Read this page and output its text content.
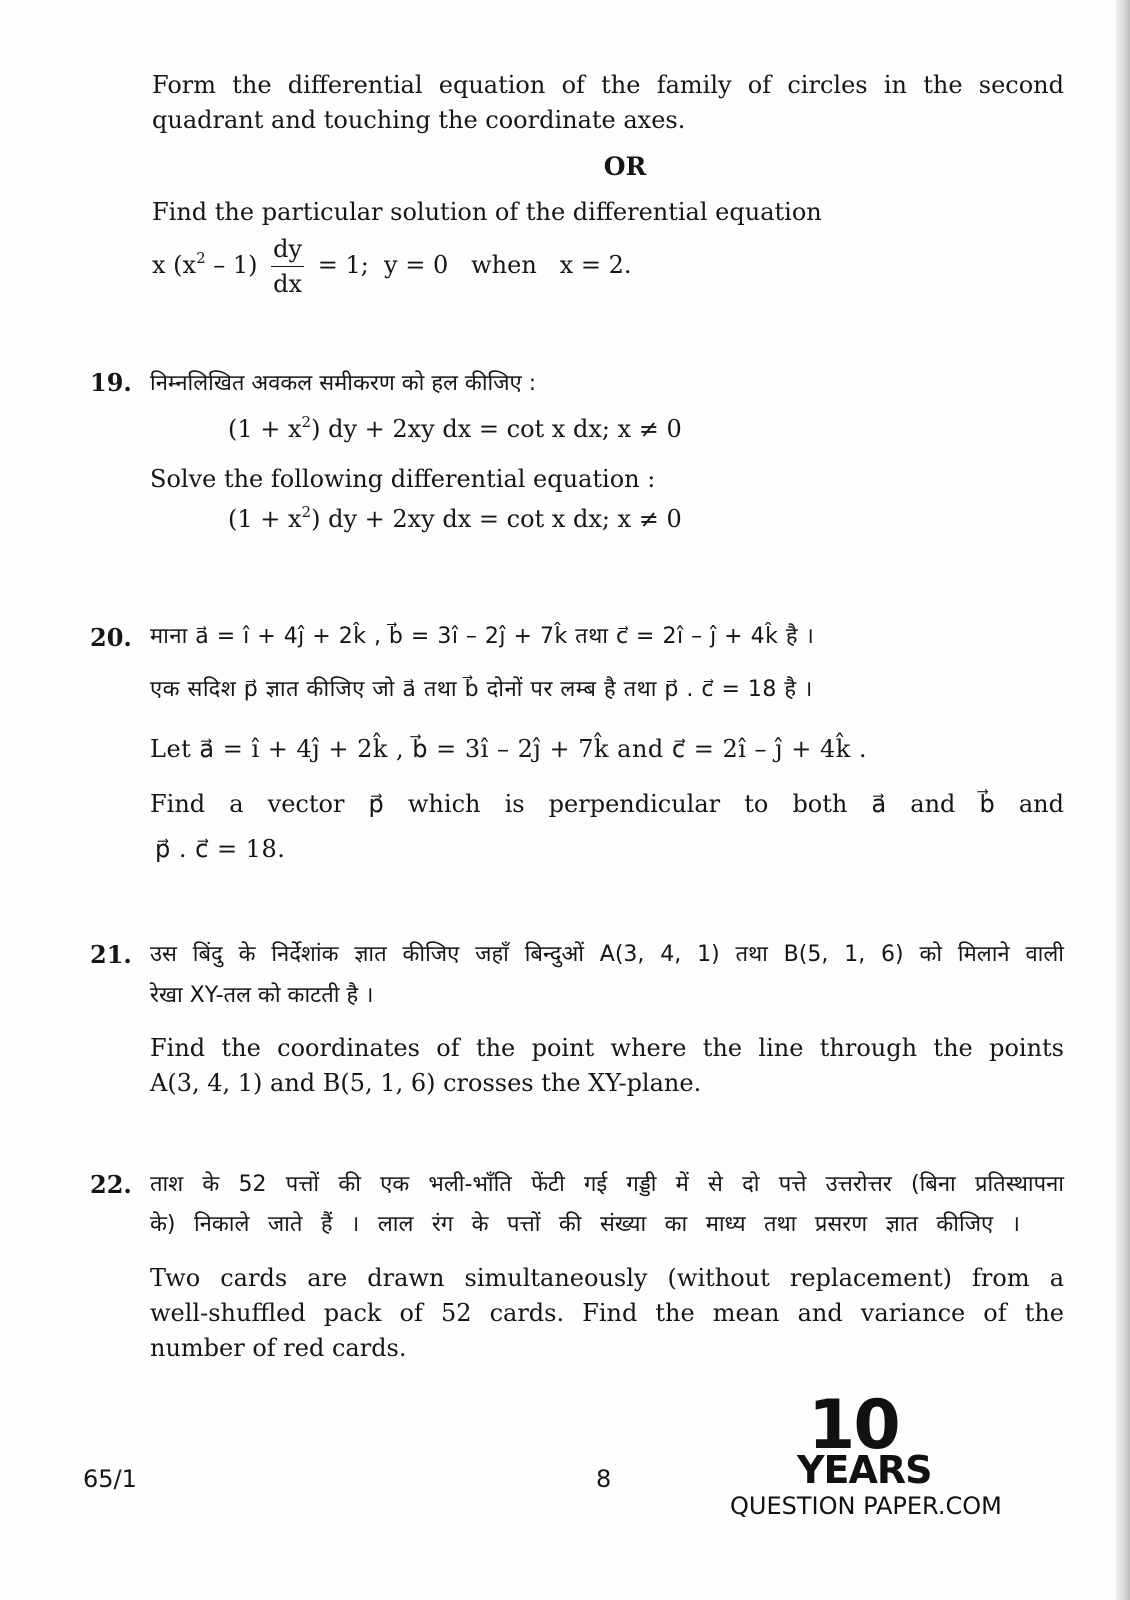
Form the differential equation of the family of circles in the second
quadrant and touching the coordinate axes.
OR
Find the particular solution of the differential equation
x $(x^2 - 1) \frac{dy}{dx} = 1$;  y = 0   when   x = 2.
19. निम्नलिखित अवकल समीकरण को हल कीजिए :
$(1 + x^2)$ dy + 2xy dx = cot x dx; x ≠ 0
Solve the following differential equation :
$(1 + x^2)$ dy + 2xy dx = cot x dx; x ≠ 0
20. माना a⃗ = î + 4ĵ + 2k̂ , b⃗ = 3î – 2ĵ + 7k̂ तथा c⃗ = 2î – ĵ + 4k̂ है ।
एक सदिश p⃗ ज्ञात कीजिए जो a⃗ तथा b⃗ दोनों पर लम्ब है तथा p⃗ . c⃗ = 18 है ।
Let a⃗ = î + 4ĵ + 2k̂ , b⃗ = 3î – 2ĵ + 7k̂ and c⃗ = 2î – ĵ + 4k̂ .
Find a vector p⃗ which is perpendicular to both a⃗ and b⃗ and
p⃗ . c⃗ = 18.
21. उस बिंदु के निर्देशांक ज्ञात कीजिए जहाँ बिन्दुओं A(3, 4, 1) तथा B(5, 1, 6) को मिलाने वाली
रेखा XY-तल को काटती है ।
Find the coordinates of the point where the line through the points
A(3, 4, 1) and B(5, 1, 6) crosses the XY-plane.
22. ताश के 52 पत्तों की एक भली-भाँति फेंटी गई गड्डी में से दो पत्ते उत्तरोत्तर (बिना प्रतिस्थापना
के) निकाले जाते हैं । लाल रंग के पत्तों की संख्या का माध्य तथा प्रसरण ज्ञात कीजिए ।
Two cards are drawn simultaneously (without replacement) from a
well-shuffled pack of 52 cards. Find the mean and variance of the
number of red cards.
65/1	8
10
YEARS
QUESTION PAPER.COM
